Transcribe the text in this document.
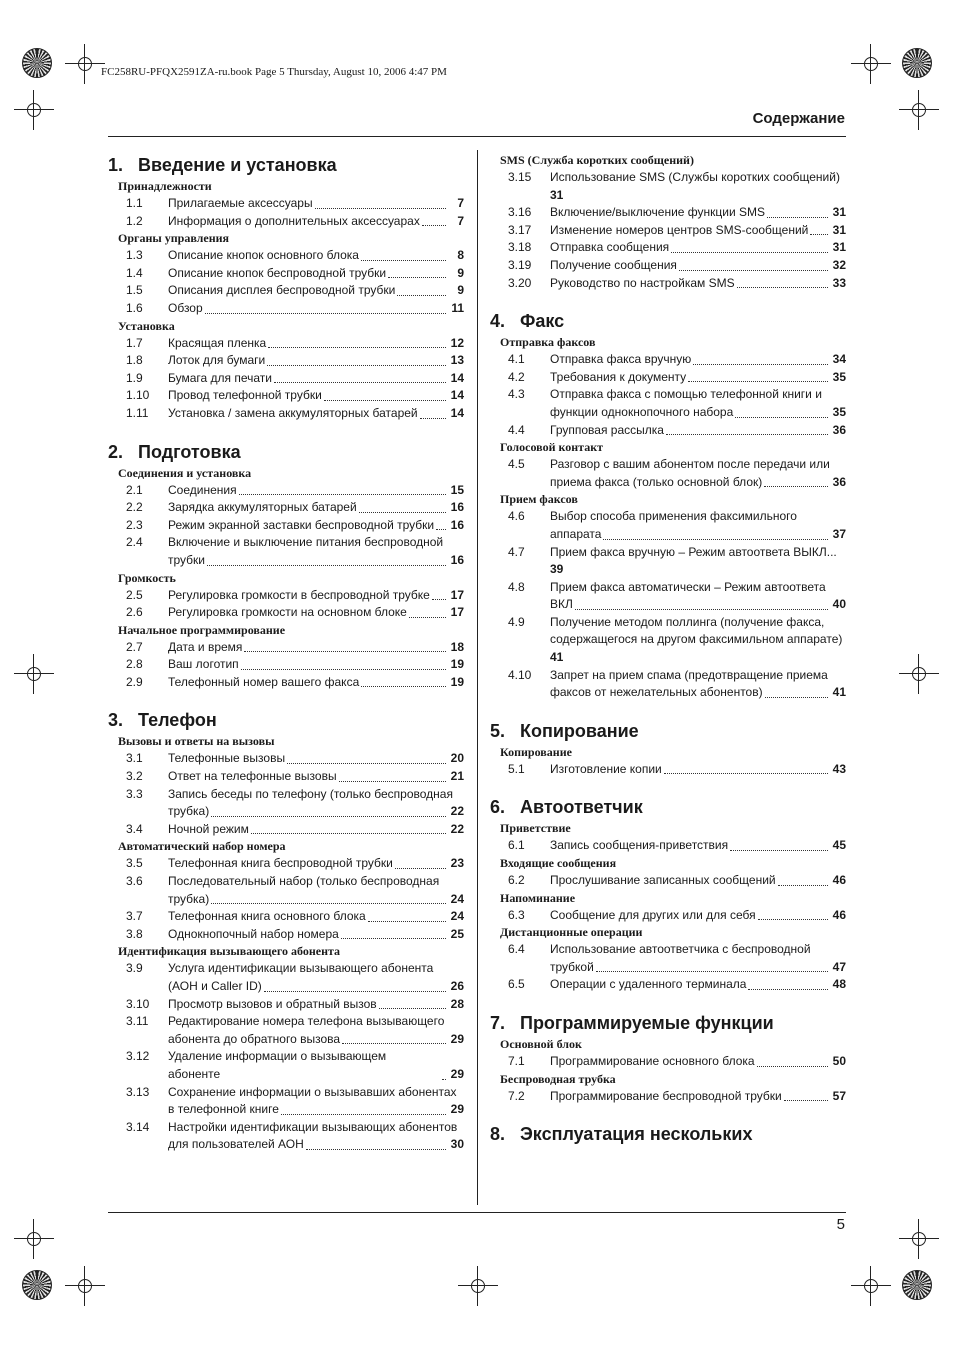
FC258RU-PFQX2591ZA-ru.book Page 5 Thursday, August 10, 2006 4:47 PM
Содержание
5
1. Введение и установка
Принадлежности
1.1	Прилагаемые аксессуары	7
1.2	Информация о дополнительных аксессуарах	7
Органы управления
1.3	Описание кнопок основного блока	8
1.4	Описание кнопок беспроводной трубки	9
1.5	Описания дисплея беспроводной трубки	9
1.6	Обзор	11
Установка
1.7	Красящая пленка	12
1.8	Лоток для бумаги	13
1.9	Бумага для печати	14
1.10	Провод телефонной трубки	14
1.11	Установка / замена аккумуляторных батарей	14
2. Подготовка
Соединения и установка
2.1	Соединения	15
2.2	Зарядка аккумуляторных батарей	16
2.3	Режим экранной заставки беспроводной трубки 16
2.4	Включение и выключение питания беспроводной
трубки	16
Громкость
2.5	Регулировка громкости в беспроводной трубке 17
2.6	Регулировка громкости на основном блоке	17
Начальное программирование
2.7	Дата и время	18
2.8	Ваш логотип	19
2.9	Телефонный номер вашего факса	19
3. Телефон
Вызовы и ответы на вызовы
3.1	Телефонные вызовы	20
3.2	Ответ на телефонные вызовы	21
3.3	Запись беседы по телефону (только беспроводная
трубка)	22
3.4	Ночной режим	22
Автоматический набор номера
3.5	Телефонная книга беспроводной трубки	23
3.6	Последовательный набор (только беспроводная
трубка)	24
3.7	Телефонная книга основного блока	24
3.8	Однокнопочный набор номера	25
Идентификация вызывающего абонента
3.9	Услуга идентификации вызывающего абонента
(АОН и Caller ID)	26
3.10	Просмотр вызовов и обратный вызов	28
3.11	Редактирование номера телефона вызывающего
абонента до обратного вызова	29
3.12	Удаление информации о вызывающем абоненте	29
3.13	Сохранение информации о вызывавших абонентах
в телефонной книге	29
3.14	Настройки идентификации вызывающих абонентов
для пользователей АОН	30
SMS (Служба коротких сообщений)
3.15	Использование SMS (Службы коротких сообщений)
31
3.16	Включение/выключение функции SMS	31
3.17	Изменение номеров центров SMS-сообщений 31
3.18	Отправка сообщения	31
3.19	Получение сообщения	32
3.20	Руководство по настройкам SMS	33
4. Факс
Отправка факсов
4.1	Отправка факса вручную	34
4.2	Требования к документу	35
4.3	Отправка факса с помощью телефонной книги и
функции однокнопочного набора	35
4.4	Групповая рассылка	36
Голосовой контакт
4.5	Разговор с вашим абонентом после передачи или
приема факса (только основной блок)	36
Прием факсов
4.6	Выбор способа применения факсимильного
аппарата	37
4.7	Прием факса вручную – Режим автоответа ВЫКЛ...
39
4.8	Прием факса автоматически – Режим автоответа
ВКЛ	40
4.9	Получение методом поллинга (получение факса,
содержащегося на другом факсимильном аппарате)
41
4.10	Запрет на прием спама (предотвращение приема
факсов от нежелательных абонентов)	41
5. Копирование
Копирование
5.1	Изготовление копии	43
6. Автоответчик
Приветствие
6.1	Запись сообщения-приветствия	45
Входящие сообщения
6.2	Прослушивание записанных сообщений	46
Напоминание
6.3	Сообщение для других или для себя	46
Дистанционные операции
6.4	Использование автоответчика с беспроводной
трубкой	47
6.5	Операции с удаленного терминала	48
7. Программируемые функции
Основной блок
7.1	Программирование основного блока	50
Беспроводная трубка
7.2	Программирование беспроводной трубки	57
8. Эксплуатация нескольких
